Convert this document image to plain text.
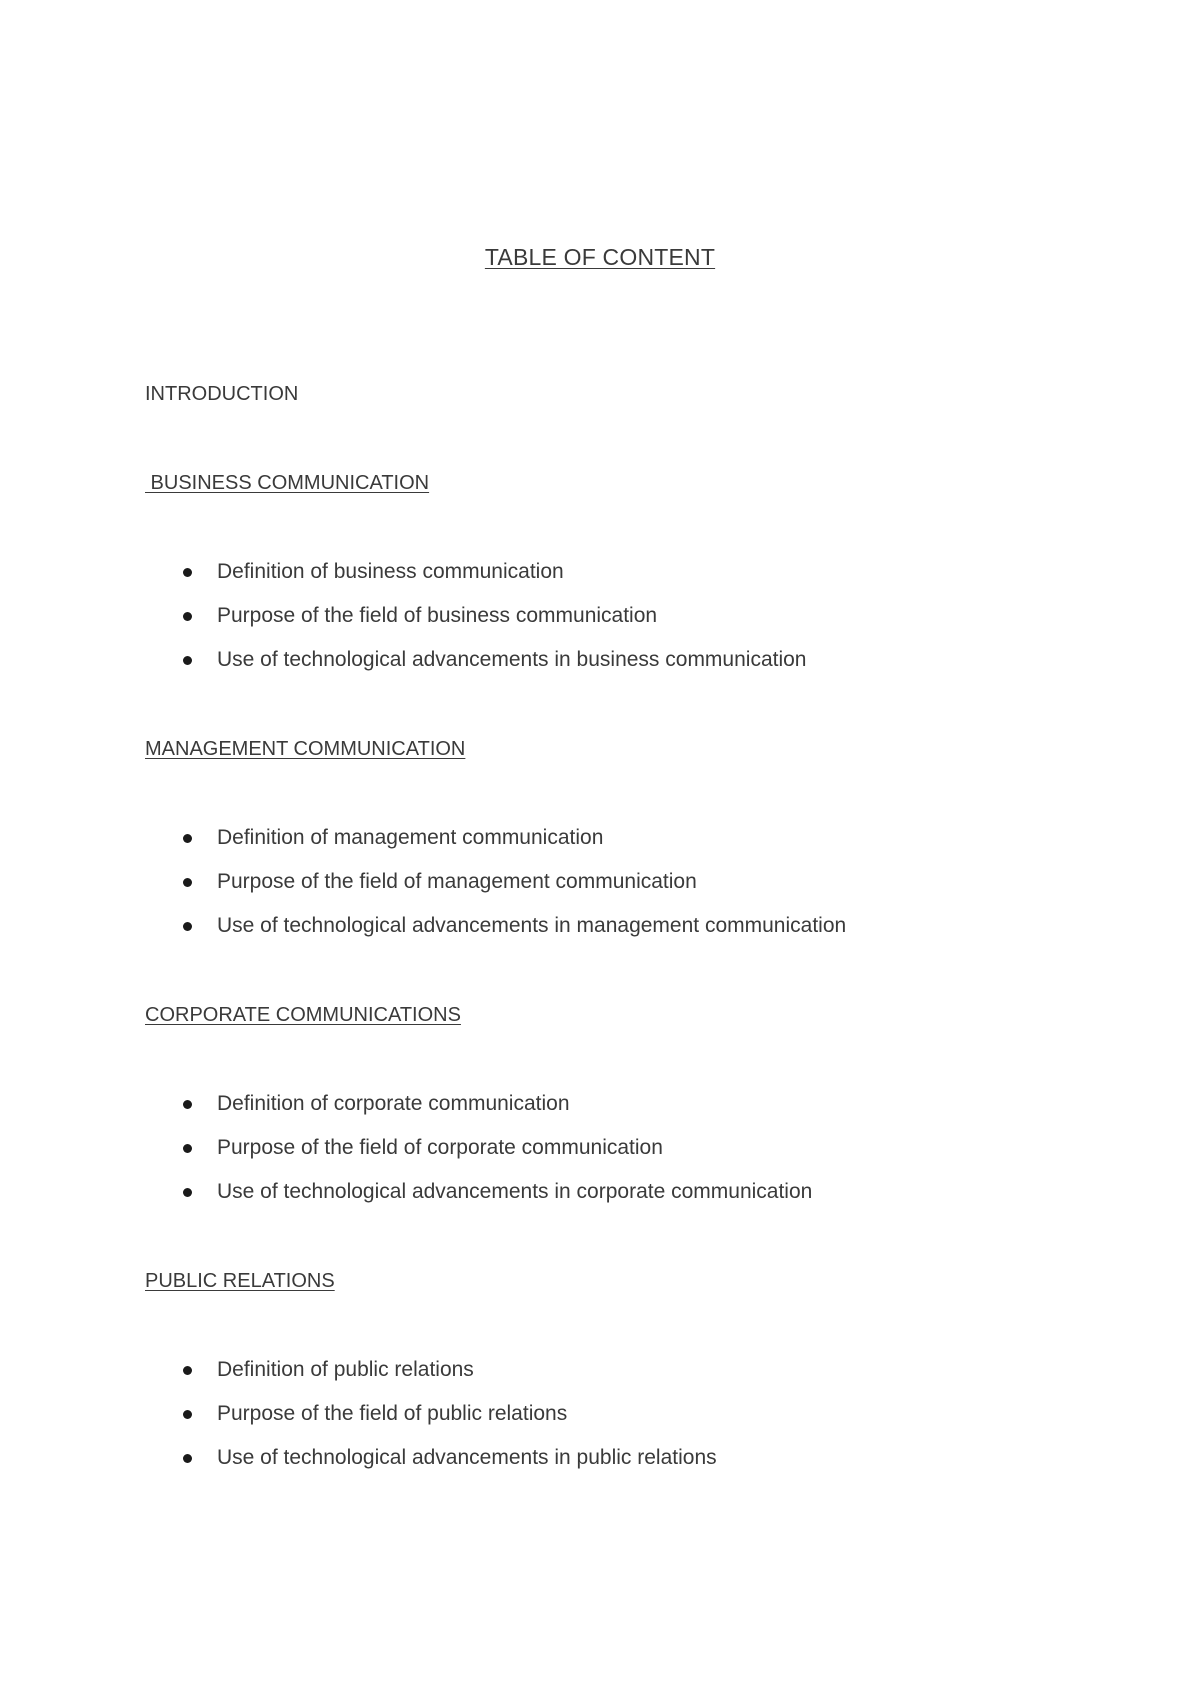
TABLE OF CONTENT
INTRODUCTION
BUSINESS COMMUNICATION
Definition of business communication
Purpose of the field of business communication
Use of technological advancements in business communication
MANAGEMENT COMMUNICATION
Definition of management communication
Purpose of the field of management communication
Use of technological advancements in management communication
CORPORATE COMMUNICATIONS
Definition of corporate communication
Purpose of the field of corporate communication
Use of technological advancements in corporate communication
PUBLIC RELATIONS
Definition of public relations
Purpose of the field of public relations
Use of technological advancements in public relations
